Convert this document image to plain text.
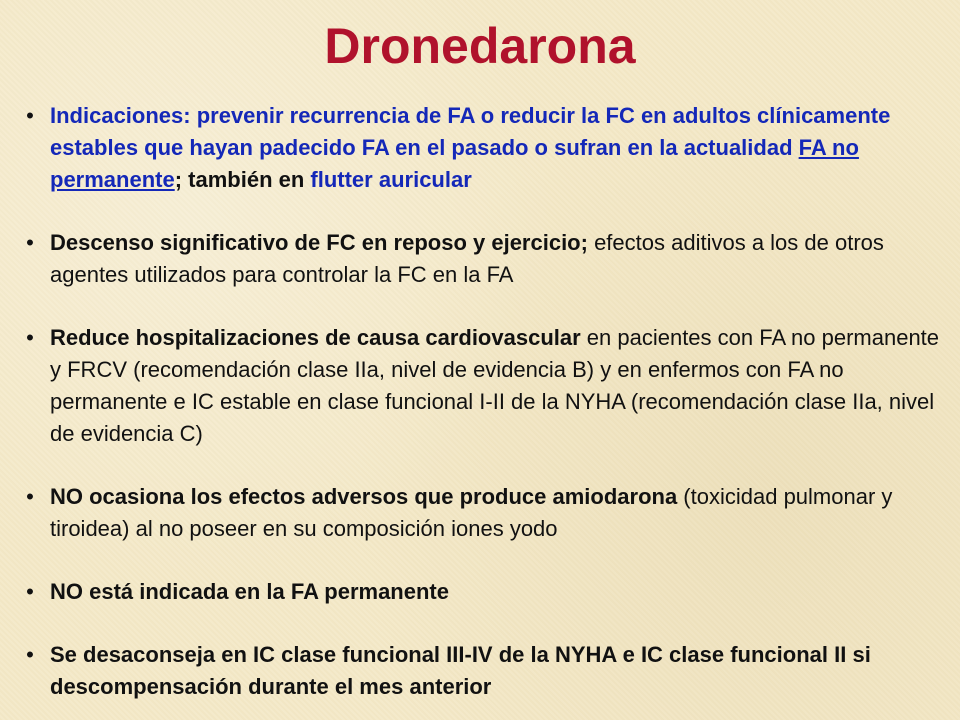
Dronedarona
• Indicaciones: prevenir recurrencia de FA o reducir la FC en adultos clínicamente estables que hayan padecido FA en el pasado o sufran en la actualidad FA no permanente; también en flutter auricular
• Descenso significativo de FC en reposo y ejercicio; efectos aditivos a los de otros agentes utilizados para controlar la FC en la FA
• Reduce hospitalizaciones de causa cardiovascular en pacientes con FA no permanente y FRCV (recomendación clase IIa, nivel de evidencia B) y en enfermos con FA no permanente e IC estable en clase funcional I-II de la NYHA (recomendación clase IIa, nivel de evidencia C)
• NO ocasiona los efectos adversos que produce amiodarona (toxicidad pulmonar y tiroidea) al no poseer en su composición iones yodo
• NO está indicada en la FA permanente
• Se desaconseja en IC clase funcional III-IV de la NYHA e IC clase funcional II si descompensación durante el mes anterior
